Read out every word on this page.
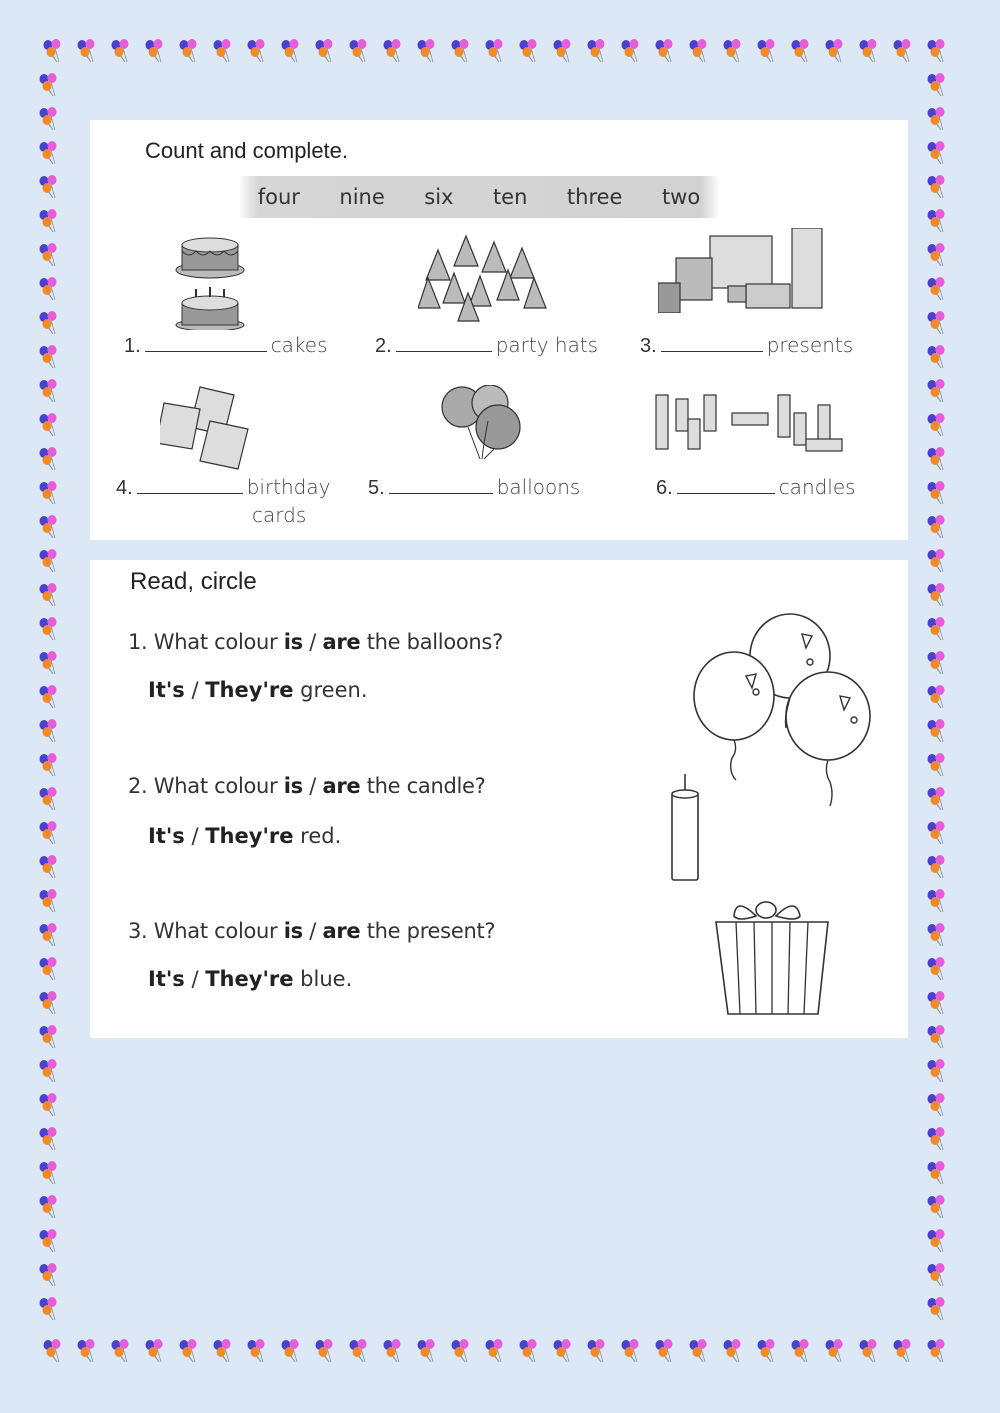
Count and complete.
four nine six ten three two
1.	cakes 2.	party hats 3.	presents
4.	birthday
cards
5.	balloons	6.	candles
Read, circle
1. What colour is / are the balloons?
It's / They're green.
2. What colour is / are the candle?
It's / They're red.
3. What colour is / are the present?
It's / They're blue.
